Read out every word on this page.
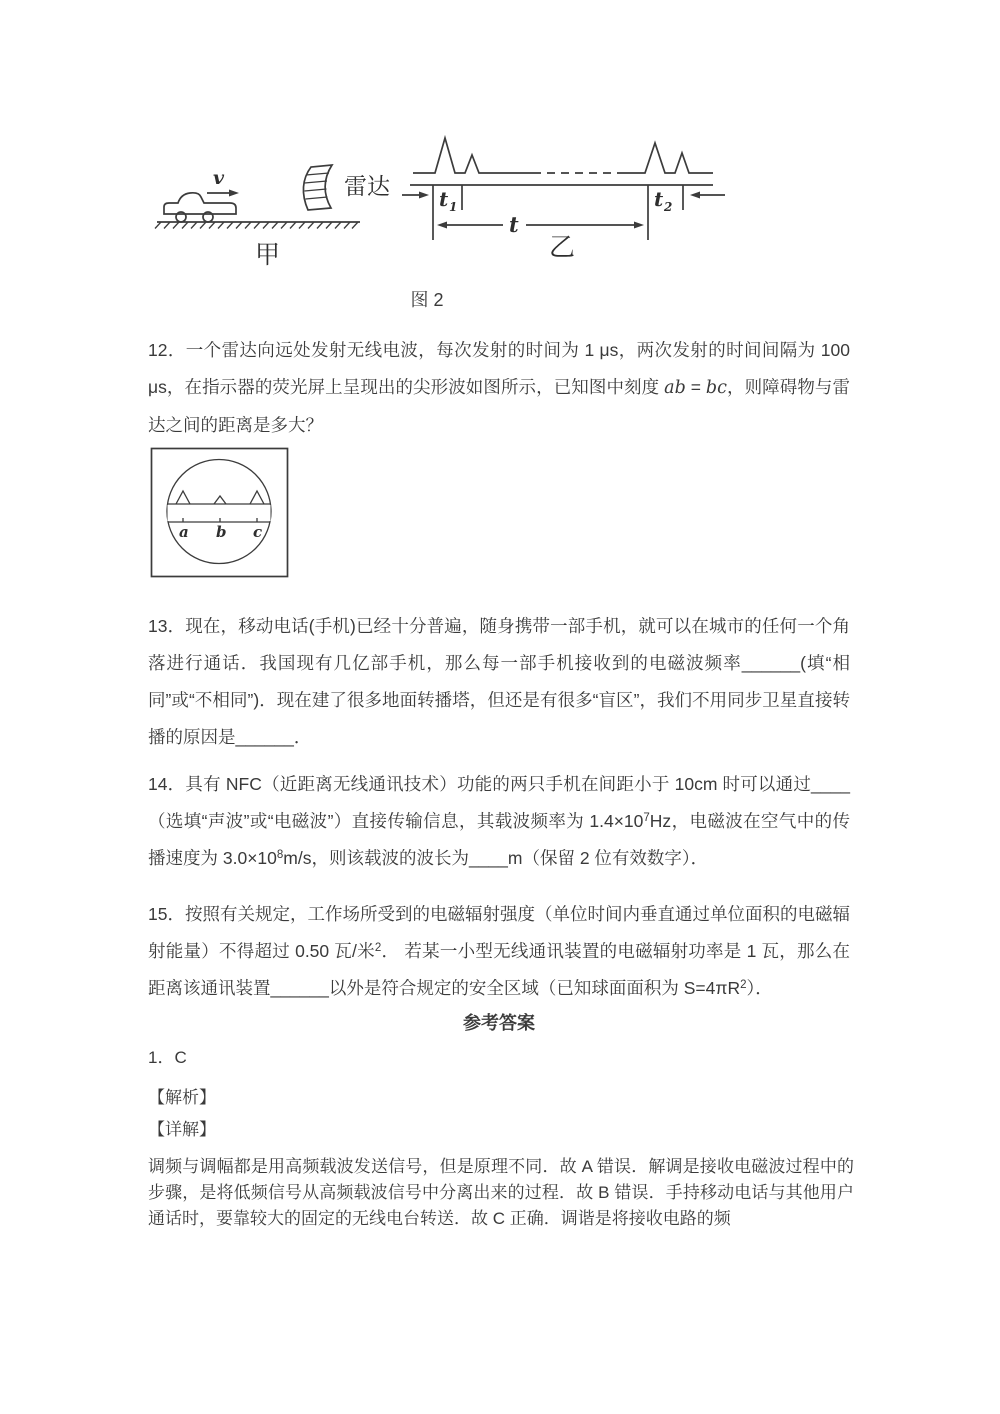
v
甲
雷达 t 1	t 2
t
乙
图 2

12．一个雷达向远处发射无线电波，每次发射的时间为 1 μs，两次发射的时间间隔为 100 μs，在指示器的荧光屏上呈现出的尖形波如图所示，已知图中刻度 ab = bc，则障碍物与雷达之间的距离是多大？

a b c

13．现在，移动电话(手机)已经十分普遍，随身携带一部手机，就可以在城市的任何一个角落进行通话．我国现有几亿部手机，那么每一部手机接收到的电磁波频率______(填“相同”或“不相同”)．现在建了很多地面转播塔，但还是有很多“盲区”，我们不用同步卫星直接转播的原因是______．

14．具有 NFC（近距离无线通讯技术）功能的两只手机在间距小于 10cm 时可以通过____（选填“声波”或“电磁波”）直接传输信息，其载波频率为 $1.4\times 10^7Hz$，电磁波在空气中的传播速度为 $3.0\times 10^8m/s$，则该载波的波长为____m（保留 2 位有效数字）．

15．按照有关规定，工作场所受到的电磁辐射强度（单位时间内垂直通过单位面积的电磁辐射能量）不得超过 0.50 瓦/米$^2$． 若某一小型无线通讯装置的电磁辐射功率是 1 瓦，那么在距离该通讯装置______以外是符合规定的安全区域（已知球面面积为 $S=4\pi R^2$）．

参考答案
1．C
【解析】
【详解】

调频与调幅都是用高频载波发送信号，但是原理不同．故 A 错误．解调是接收电磁波过程中的步骤，是将低频信号从高频载波信号中分离出来的过程．故 B 错误．手持移动电话与其他用户通话时，要靠较大的固定的无线电台转送．故 C 正确．调谐是将接收电路的频
